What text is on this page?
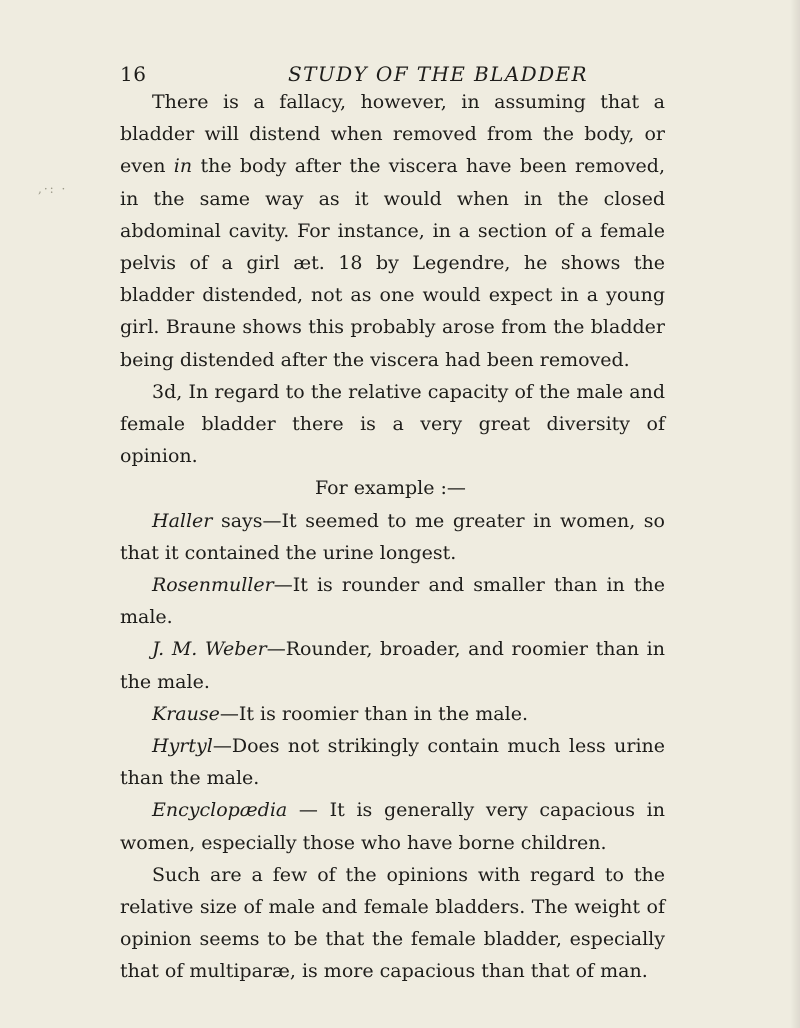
,·: ·
16	STUDY OF THE BLADDER

There is a fallacy, however, in assuming that a bladder will distend when removed from the body, or even in the body after the viscera have been removed, in the same way as it would when in the closed abdominal cavity. For instance, in a section of a female pelvis of a girl æt. 18 by Legendre, he shows the bladder distended, not as one would expect in a young girl. Braune shows this probably arose from the bladder being distended after the viscera had been removed.

3d, In regard to the relative capacity of the male and female bladder there is a very great diversity of opinion.

For example :—

Haller says—It seemed to me greater in women, so that it contained the urine longest.

Rosenmuller—It is rounder and smaller than in the male.

J. M. Weber—Rounder, broader, and roomier than in the male.

Krause—It is roomier than in the male.

Hyrtyl—Does not strikingly contain much less urine than the male.

Encyclopædia — It is generally very capacious in women, especially those who have borne children.

Such are a few of the opinions with regard to the relative size of male and female bladders. The weight of opinion seems to be that the female bladder, especially that of multiparæ, is more capacious than that of man.
